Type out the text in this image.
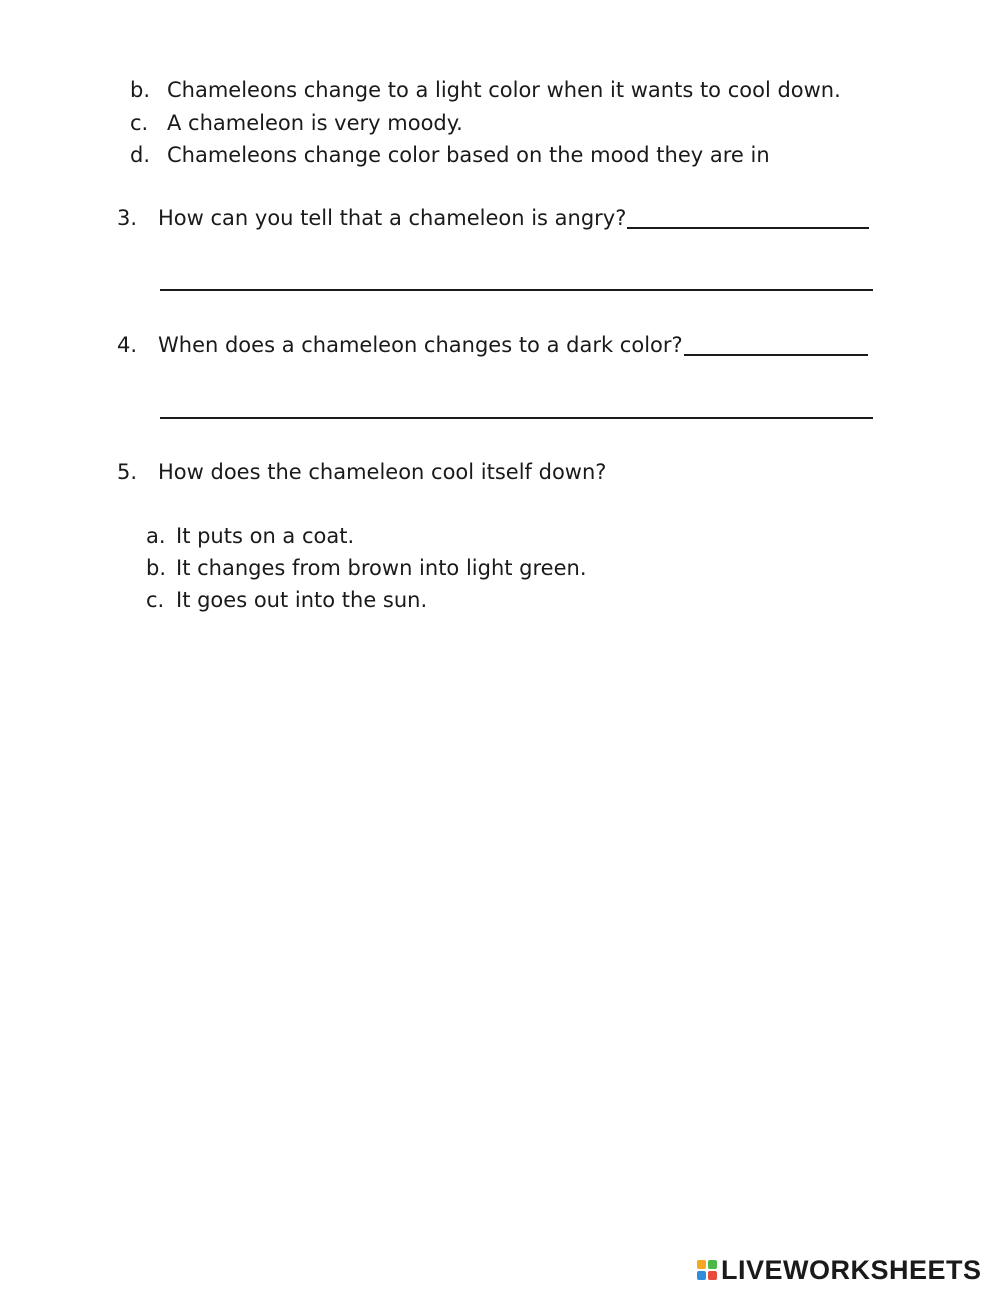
b. Chameleons change to a light color when it wants to cool down.
c. A chameleon is very moody.
d. Chameleons change color based on the mood they are in
3. How can you tell that a chameleon is angry?
4. When does a chameleon changes to a dark color?
5. How does the chameleon cool itself down?
a. It puts on a coat.
b. It changes from brown into light green.
c. It goes out into the sun.
LIVEWORKSHEETS
